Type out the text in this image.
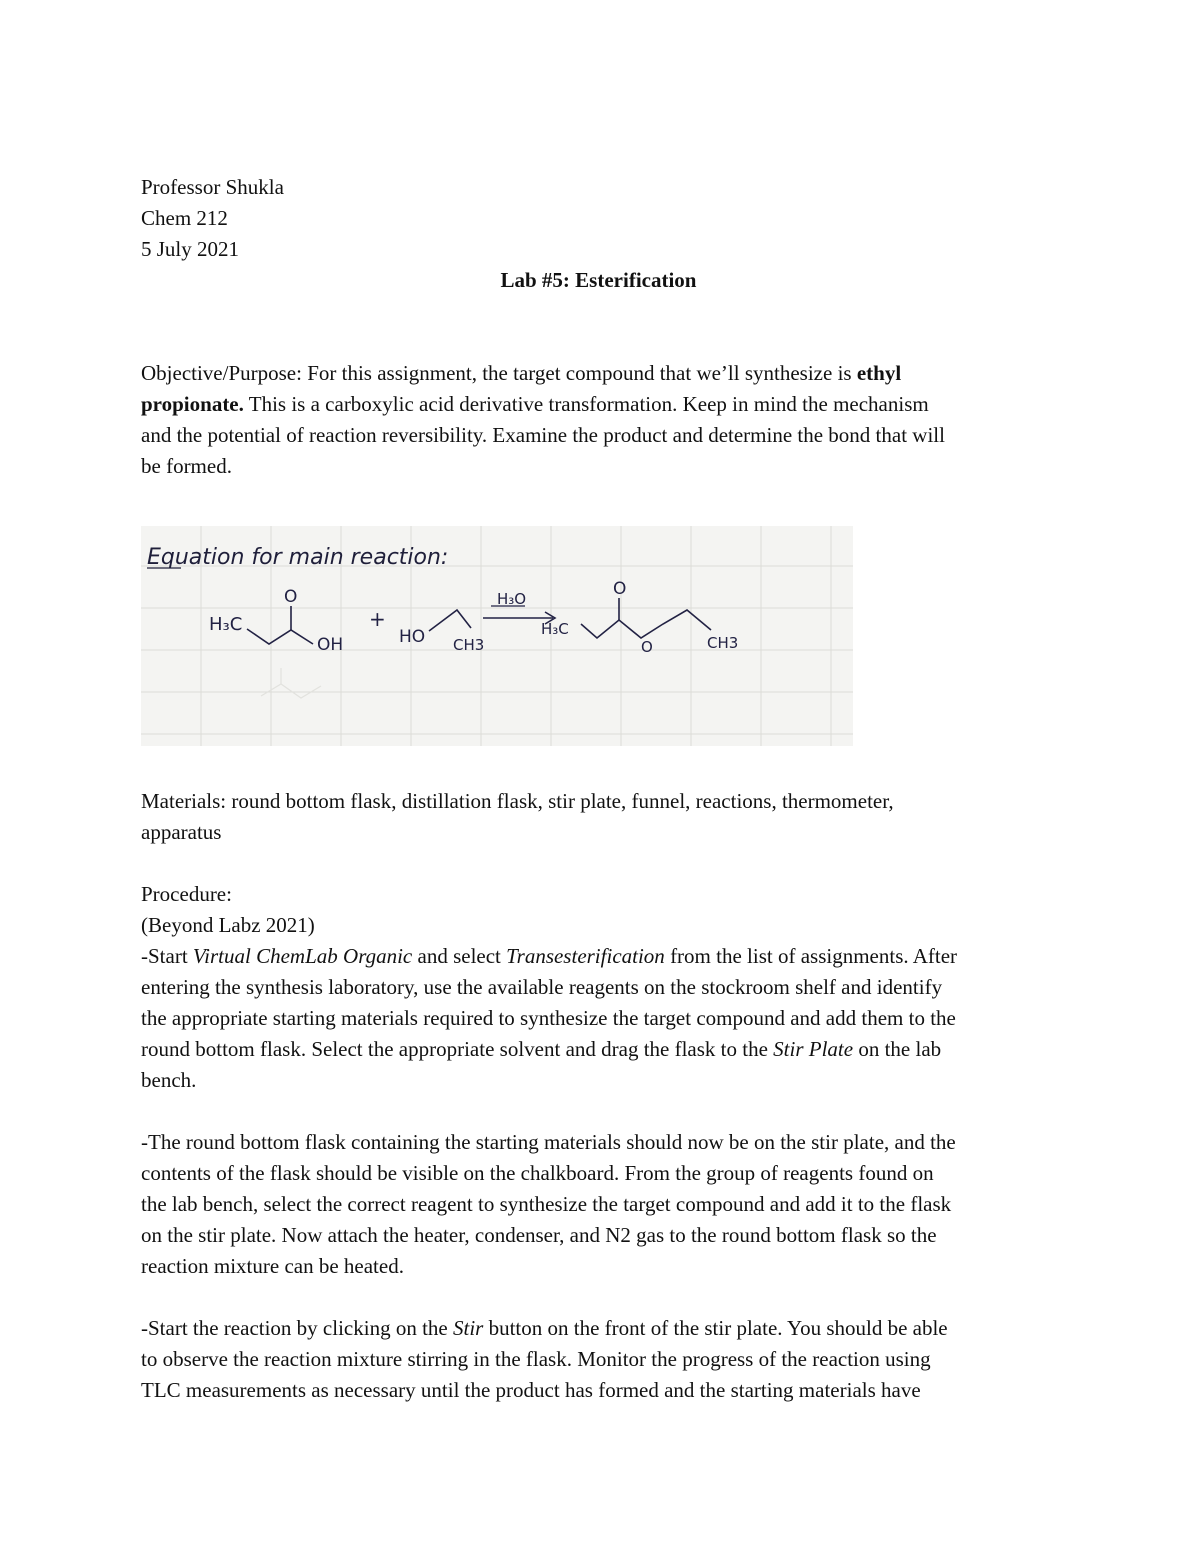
Professor Shukla
Chem 212
5 July 2021
Lab #5: Esterification
Objective/Purpose: For this assignment, the target compound that we’ll synthesize is ethyl
propionate. This is a carboxylic acid derivative transformation. Keep in mind the mechanism
and the potential of reaction reversibility. Examine the product and determine the bond that will
be formed.
Equation for main reaction:
H₃C
O
OH
+
HO CH3
H₃O
H₃C
O
O	CH3
Materials: round bottom flask, distillation flask, stir plate, funnel, reactions, thermometer,
apparatus
Procedure:
(Beyond Labz 2021)
-Start Virtual ChemLab Organic and select Transesterification from the list of assignments. After
entering the synthesis laboratory, use the available reagents on the stockroom shelf and identify
the appropriate starting materials required to synthesize the target compound and add them to the
round bottom flask. Select the appropriate solvent and drag the flask to the Stir Plate on the lab
bench.
-The round bottom flask containing the starting materials should now be on the stir plate, and the
contents of the flask should be visible on the chalkboard. From the group of reagents found on
the lab bench, select the correct reagent to synthesize the target compound and add it to the flask
on the stir plate. Now attach the heater, condenser, and N2 gas to the round bottom flask so the
reaction mixture can be heated.
-Start the reaction by clicking on the Stir button on the front of the stir plate. You should be able
to observe the reaction mixture stirring in the flask. Monitor the progress of the reaction using
TLC measurements as necessary until the product has formed and the starting materials have
